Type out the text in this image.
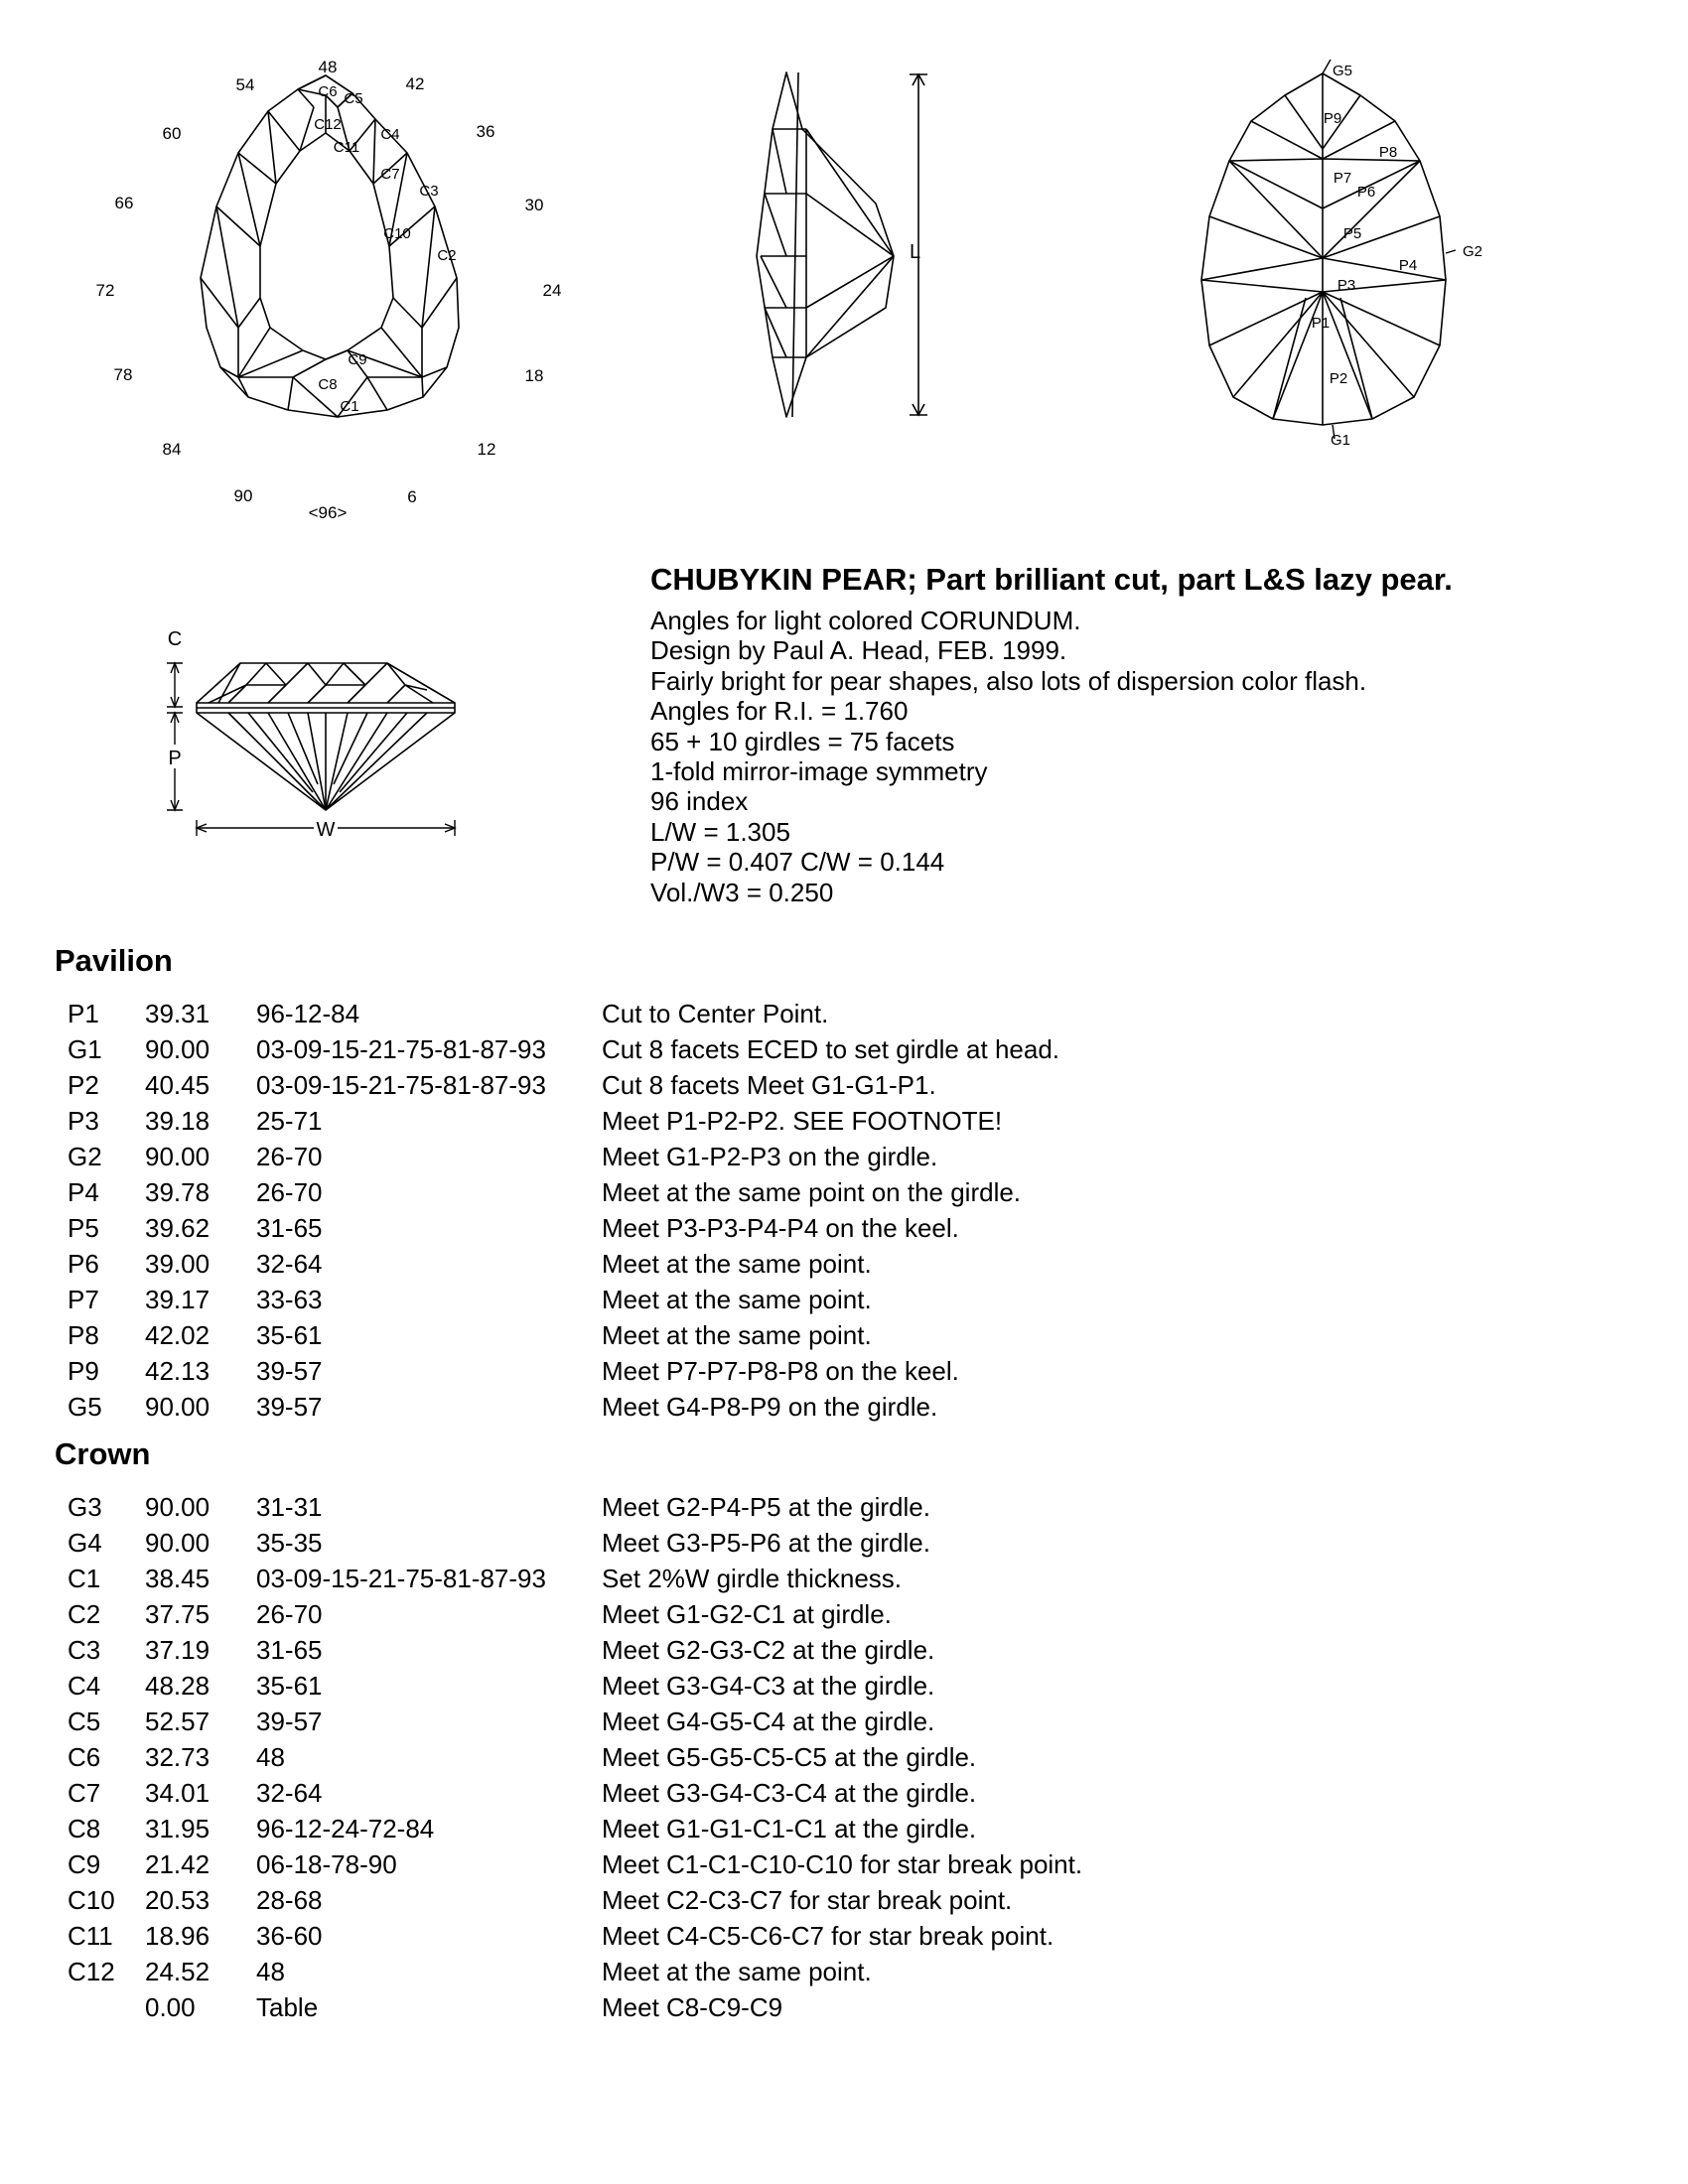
48
42
36
30
24
18
12
6
<96>
90
84
78
72
66
60
54	C6 C5
C12
C4
C11
C7
C3
C10
C2
C9
C8
C1
L
G5
P9
P8
P7
P6
P5
P4
G2
P3
P1
P2
G1
C
P
W
CHUBYKIN PEAR; Part brilliant cut, part L&S lazy pear.
Angles for light colored CORUNDUM.
Design by Paul A. Head, FEB. 1999.
Fairly bright for pear shapes, also lots of dispersion color flash.
Angles for R.I. = 1.760
65 + 10 girdles = 75 facets
1-fold mirror-image symmetry
96 index
L/W = 1.305
P/W = 0.407 C/W = 0.144
Vol./W3 = 0.250
Pavilion
P1 39.31 96-12-84	Cut to Center Point.
G1 90.00 03-09-15-21-75-81-87-93 Cut 8 facets ECED to set girdle at head.
P2 40.45 03-09-15-21-75-81-87-93 Cut 8 facets Meet G1-G1-P1.
P3 39.18 25-71	Meet P1-P2-P2. SEE FOOTNOTE!
G2 90.00 26-70	Meet G1-P2-P3 on the girdle.
P4 39.78 26-70	Meet at the same point on the girdle.
P5 39.62 31-65	Meet P3-P3-P4-P4 on the keel.
P6 39.00 32-64	Meet at the same point.
P7 39.17 33-63	Meet at the same point.
P8 42.02 35-61	Meet at the same point.
P9 42.13 39-57	Meet P7-P7-P8-P8 on the keel.
G5 90.00 39-57	Meet G4-P8-P9 on the girdle.
Crown
G3 90.00 31-31	Meet G2-P4-P5 at the girdle.
G4 90.00 35-35	Meet G3-P5-P6 at the girdle.
C1 38.45 03-09-15-21-75-81-87-93 Set 2%W girdle thickness.
C2 37.75 26-70	Meet G1-G2-C1 at girdle.
C3 37.19 31-65	Meet G2-G3-C2 at the girdle.
C4 48.28 35-61	Meet G3-G4-C3 at the girdle.
C5 52.57 39-57	Meet G4-G5-C4 at the girdle.
C6 32.73 48	Meet G5-G5-C5-C5 at the girdle.
C7 34.01 32-64	Meet G3-G4-C3-C4 at the girdle.
C8 31.95 96-12-24-72-84	Meet G1-G1-C1-C1 at the girdle.
C9 21.42 06-18-78-90	Meet C1-C1-C10-C10 for star break point.
C10 20.53 28-68	Meet C2-C3-C7 for star break point.
C11 18.96 36-60	Meet C4-C5-C6-C7 for star break point.
C12 24.52 48	Meet at the same point.
0.00 Table	Meet C8-C9-C9
